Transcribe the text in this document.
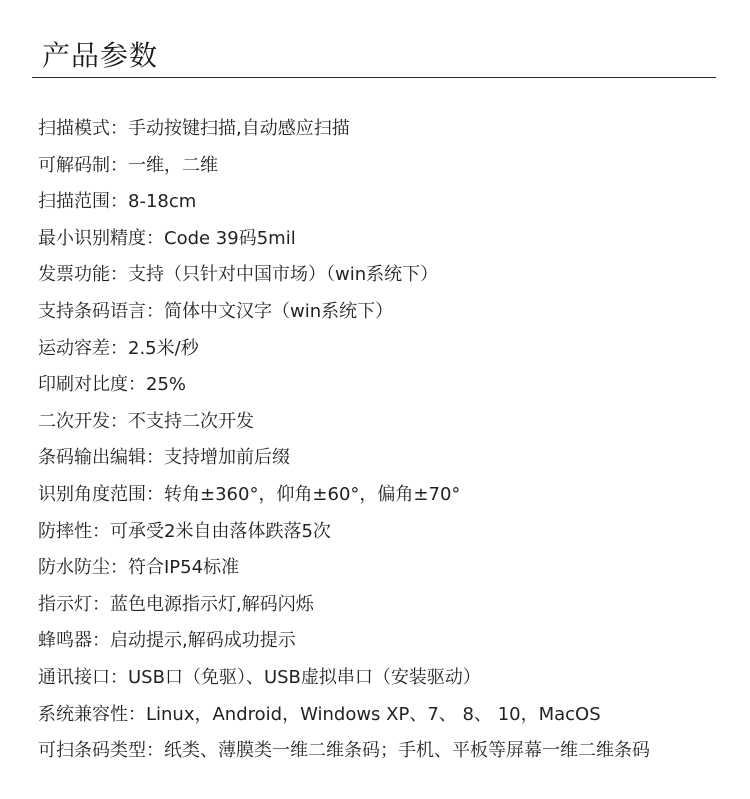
产品参数
扫描模式：手动按键扫描,自动感应扫描
可解码制：一维，二维
扫描范围：8-18cm
最小识别精度：Code 39码5mil
发票功能：支持（只针对中国市场）（win系统下）
支持条码语言：简体中文汉字（win系统下）
运动容差：2.5米/秒
印刷对比度：25%
二次开发：不支持二次开发
条码输出编辑：支持增加前后缀
识别角度范围：转角±360°，仰角±60°，偏角±70°
防摔性：可承受2米自由落体跌落5次
防水防尘：符合IP54标准
指示灯：蓝色电源指示灯,解码闪烁
蜂鸣器：启动提示,解码成功提示
通讯接口：USB口（免驱）、USB虚拟串口（安装驱动）
系统兼容性：Linux，Android，Windows XP、7、 8、 10，MacOS
可扫条码类型：纸类、薄膜类一维二维条码；手机、平板等屏幕一维二维条码
